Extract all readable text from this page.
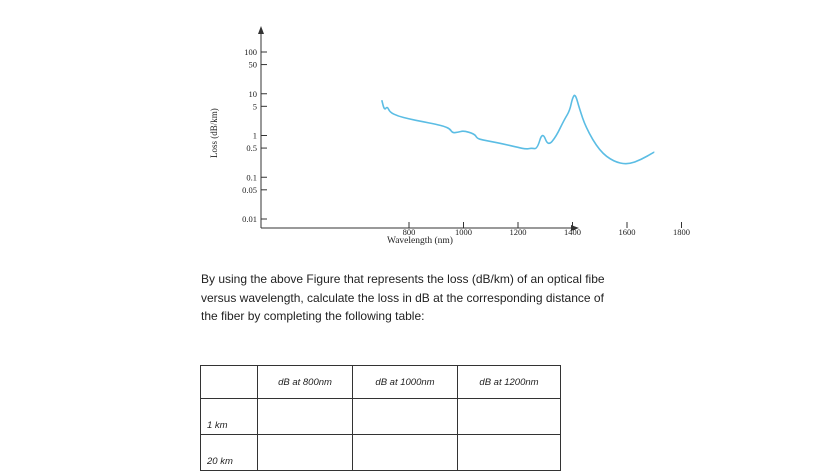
100
50
10
5
1
0.5
0.1
0.05
0.01
800	1000	1200	1400	1600	1800
Wavelength (nm)
Loss (dB/km)

By using the above Figure that represents the loss (dB/km) of an optical fibe

versus wavelength, calculate the loss in dB at the corresponding distance of

the fiber by completing the following table:

	dB at 800nm	dB at 1000nm	dB at 1200nm
1 km			
20 km			
